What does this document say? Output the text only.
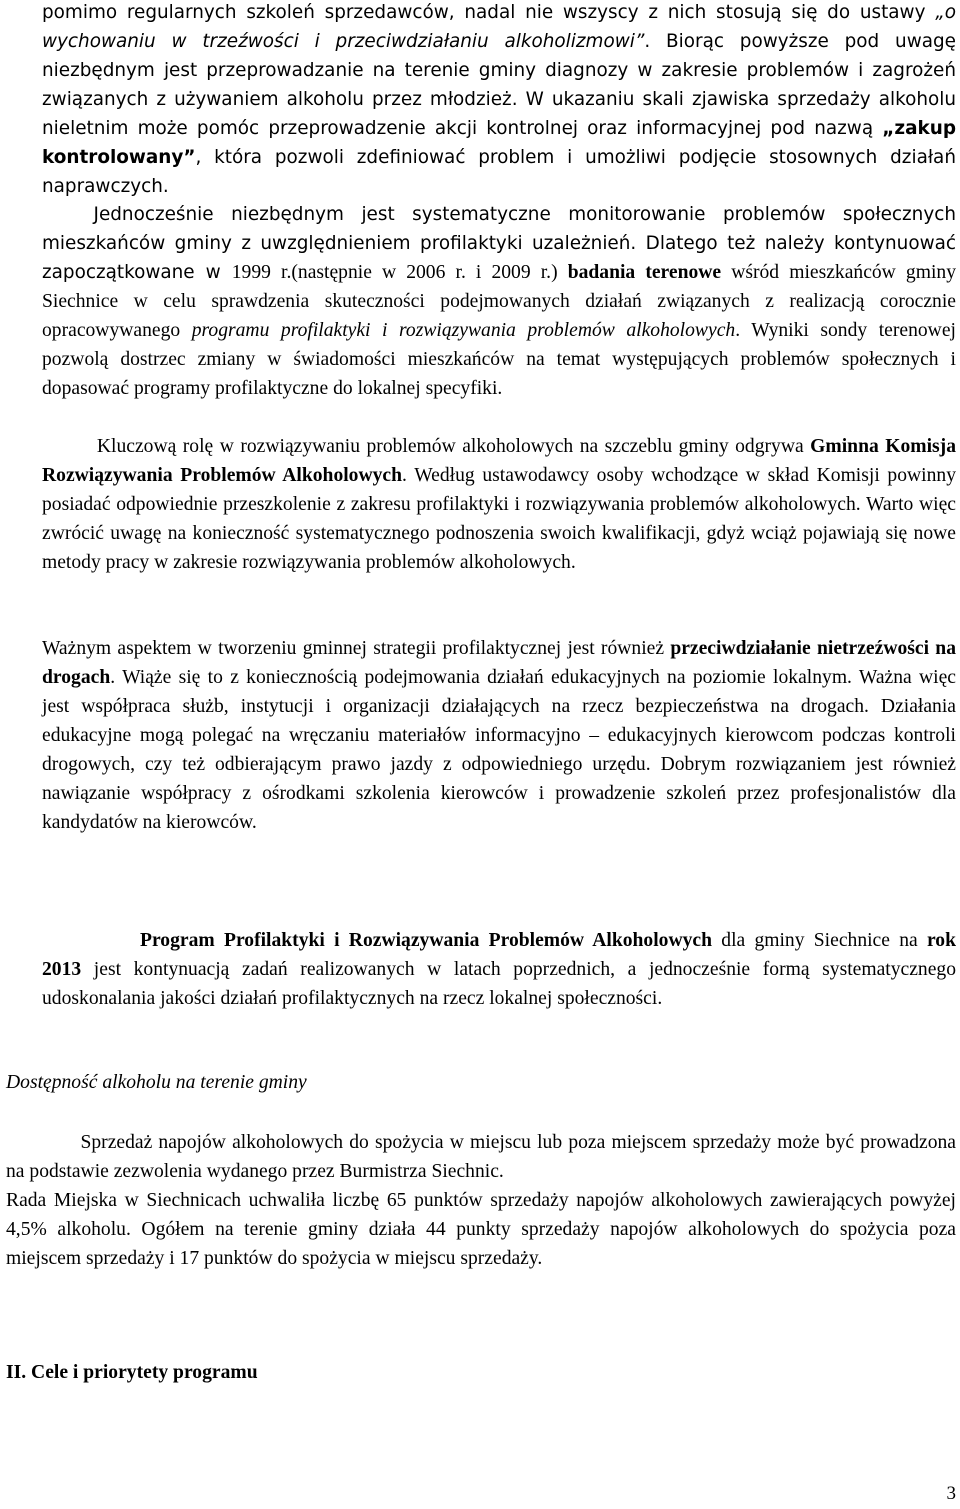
pomimo regularnych szkoleń sprzedawców, nadal nie wszyscy z nich stosują się do ustawy „o wychowaniu w trzeźwości i przeciwdziałaniu alkoholizmowi”. Biorąc powyższe pod uwagę niezbędnym jest przeprowadzanie na terenie gminy diagnozy w zakresie problemów i zagrożeń związanych z używaniem alkoholu przez młodzież. W ukazaniu skali zjawiska sprzedaży alkoholu nieletnim może pomóc przeprowadzenie akcji kontrolnej oraz informacyjnej pod nazwą „zakup kontrolowany”, która pozwoli zdefiniować problem i umożliwi podjęcie stosownych działań naprawczych.

Jednocześnie niezbędnym jest systematyczne monitorowanie problemów społecznych mieszkańców gminy z uwzględnieniem profilaktyki uzależnień. Dlatego też należy kontynuować zapoczątkowane w 1999 r.(następnie w 2006 r. i 2009 r.) badania terenowe wśród mieszkańców gminy Siechnice w celu sprawdzenia skuteczności podejmowanych działań związanych z realizacją corocznie opracowywanego programu profilaktyki i rozwiązywania problemów alkoholowych. Wyniki sondy terenowej pozwolą dostrzec zmiany w świadomości mieszkańców na temat występujących problemów społecznych i dopasować programy profilaktyczne do lokalnej specyfiki.

Kluczową rolę w rozwiązywaniu problemów alkoholowych na szczeblu gminy odgrywa Gminna Komisja Rozwiązywania Problemów Alkoholowych. Według ustawodawcy osoby wchodzące w skład Komisji powinny posiadać odpowiednie przeszkolenie z zakresu profilaktyki i rozwiązywania problemów alkoholowych. Warto więc zwrócić uwagę na konieczność systematycznego podnoszenia swoich kwalifikacji, gdyż wciąż pojawiają się nowe metody pracy w zakresie rozwiązywania problemów alkoholowych.

Ważnym aspektem w tworzeniu gminnej strategii profilaktycznej jest również przeciwdziałanie nietrzeźwości na drogach. Wiąże się to z koniecznością podejmowania działań edukacyjnych na poziomie lokalnym. Ważna więc jest współpraca służb, instytucji i organizacji działających na rzecz bezpieczeństwa na drogach. Działania edukacyjne mogą polegać na wręczaniu materiałów informacyjno – edukacyjnych kierowcom podczas kontroli drogowych, czy też odbierającym prawo jazdy z odpowiedniego urzędu. Dobrym rozwiązaniem jest również nawiązanie współpracy z ośrodkami szkolenia kierowców i prowadzenie szkoleń przez profesjonalistów dla kandydatów na kierowców.

Program Profilaktyki i Rozwiązywania Problemów Alkoholowych dla gminy Siechnice na rok 2013 jest kontynuacją zadań realizowanych w latach poprzednich, a jednocześnie formą systematycznego udoskonalania jakości działań profilaktycznych na rzecz lokalnej społeczności.

Dostępność alkoholu na terenie gminy

Sprzedaż napojów alkoholowych do spożycia w miejscu lub poza miejscem sprzedaży może być prowadzona na podstawie zezwolenia wydanego przez Burmistrza Siechnic.

Rada Miejska w Siechnicach uchwaliła liczbę 65 punktów sprzedaży napojów alkoholowych zawierających powyżej 4,5% alkoholu. Ogółem na terenie gminy działa 44 punkty sprzedaży napojów alkoholowych do spożycia poza miejscem sprzedaży i 17 punktów do spożycia w miejscu sprzedaży.

II. Cele i priorytety programu
3
